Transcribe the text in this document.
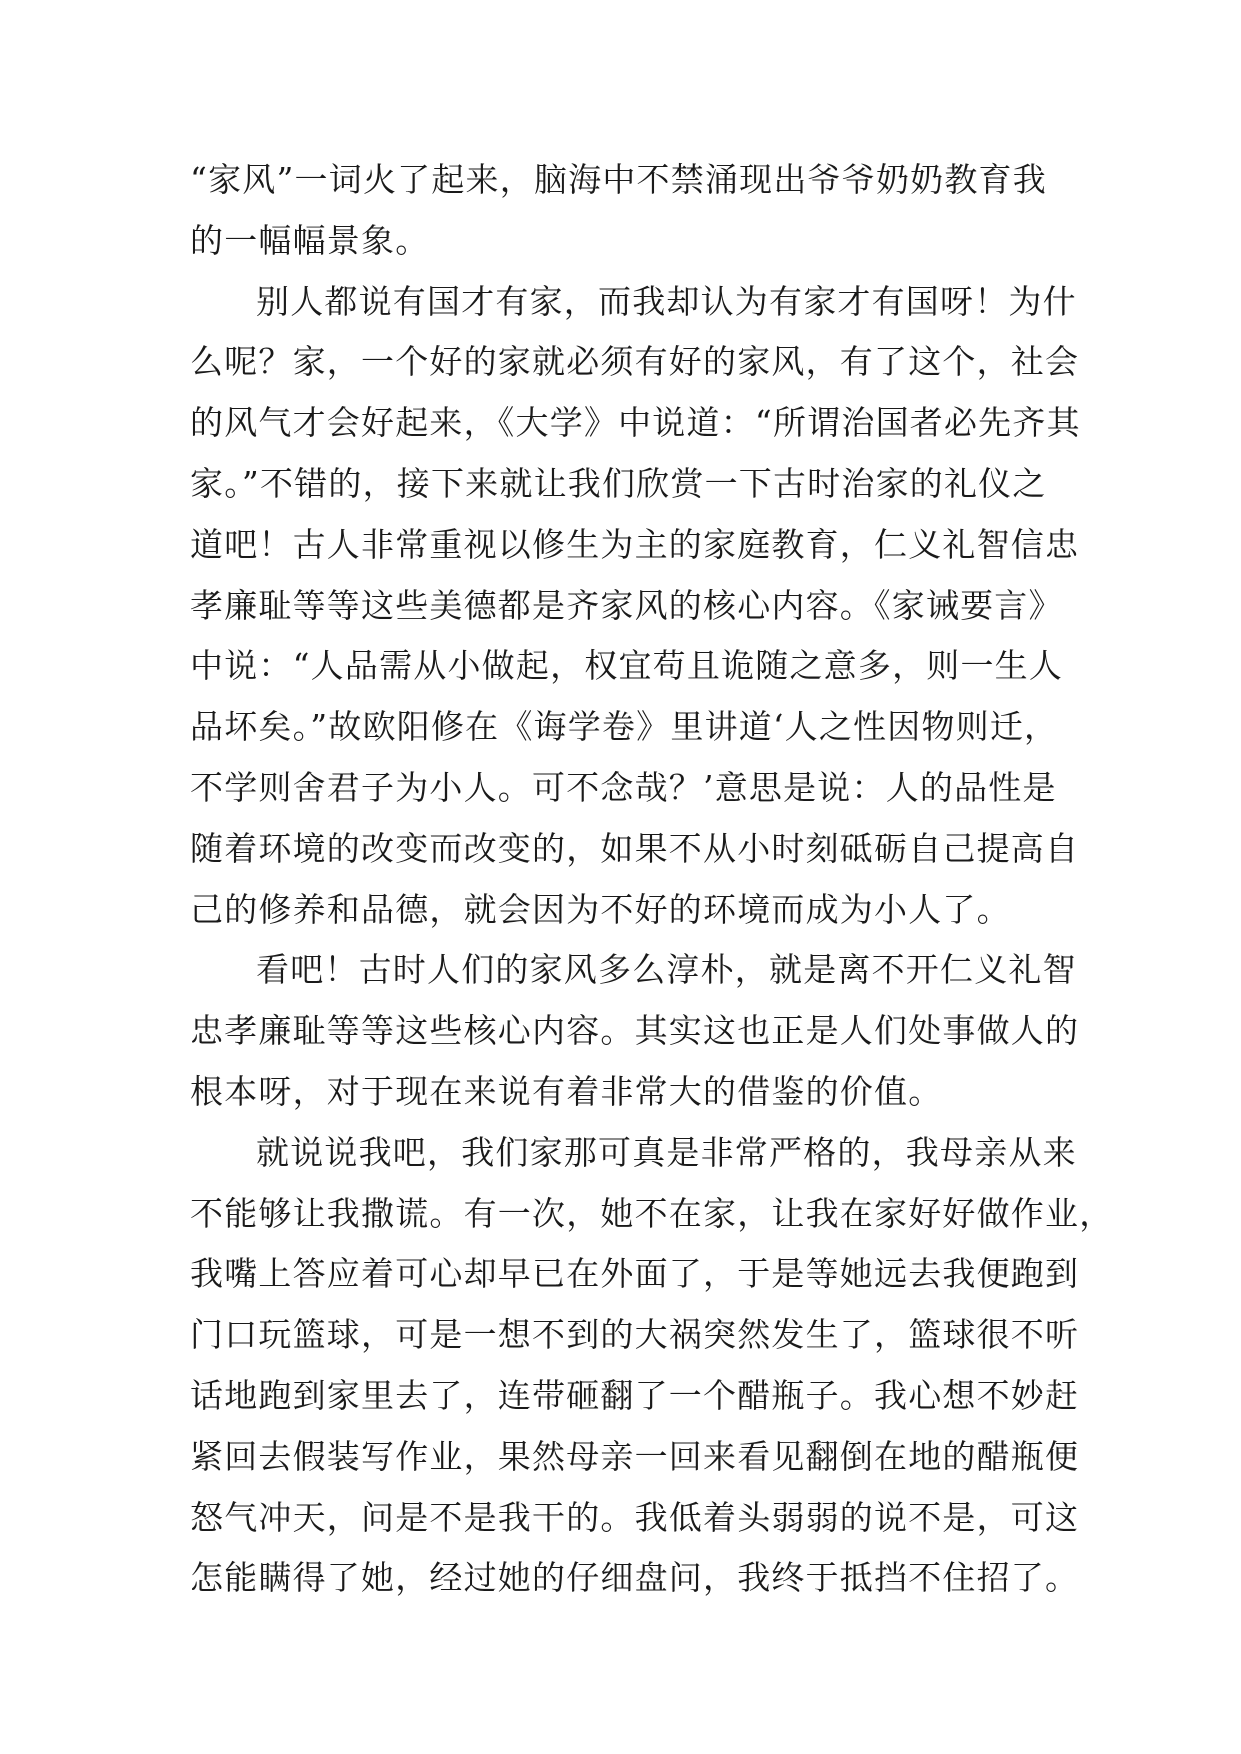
“家风”一词火了起来，脑海中不禁涌现出爷爷奶奶教育我
的一幅幅景象。
别人都说有国才有家，而我却认为有家才有国呀！为什
么呢？家，一个好的家就必须有好的家风，有了这个，社会
的风气才会好起来，《大学》中说道：“所谓治国者必先齐其
家。”不错的，接下来就让我们欣赏一下古时治家的礼仪之
道吧！古人非常重视以修生为主的家庭教育，仁义礼智信忠
孝廉耻等等这些美德都是齐家风的核心内容。《家诫要言》
中说：“人品需从小做起，权宜苟且诡随之意多，则一生人
品坏矣。”故欧阳修在《诲学卷》里讲道‘人之性因物则迁，
不学则舍君子为小人。可不念哉？’意思是说：人的品性是
随着环境的改变而改变的，如果不从小时刻砥砺自己提高自
己的修养和品德，就会因为不好的环境而成为小人了。
看吧！古时人们的家风多么淳朴，就是离不开仁义礼智
忠孝廉耻等等这些核心内容。其实这也正是人们处事做人的
根本呀，对于现在来说有着非常大的借鉴的价值。
就说说我吧，我们家那可真是非常严格的，我母亲从来
不能够让我撒谎。有一次，她不在家，让我在家好好做作业，
我嘴上答应着可心却早已在外面了，于是等她远去我便跑到
门口玩篮球，可是一想不到的大祸突然发生了，篮球很不听
话地跑到家里去了，连带砸翻了一个醋瓶子。我心想不妙赶
紧回去假装写作业，果然母亲一回来看见翻倒在地的醋瓶便
怒气冲天，问是不是我干的。我低着头弱弱的说不是，可这
怎能瞒得了她，经过她的仔细盘问，我终于抵挡不住招了。
